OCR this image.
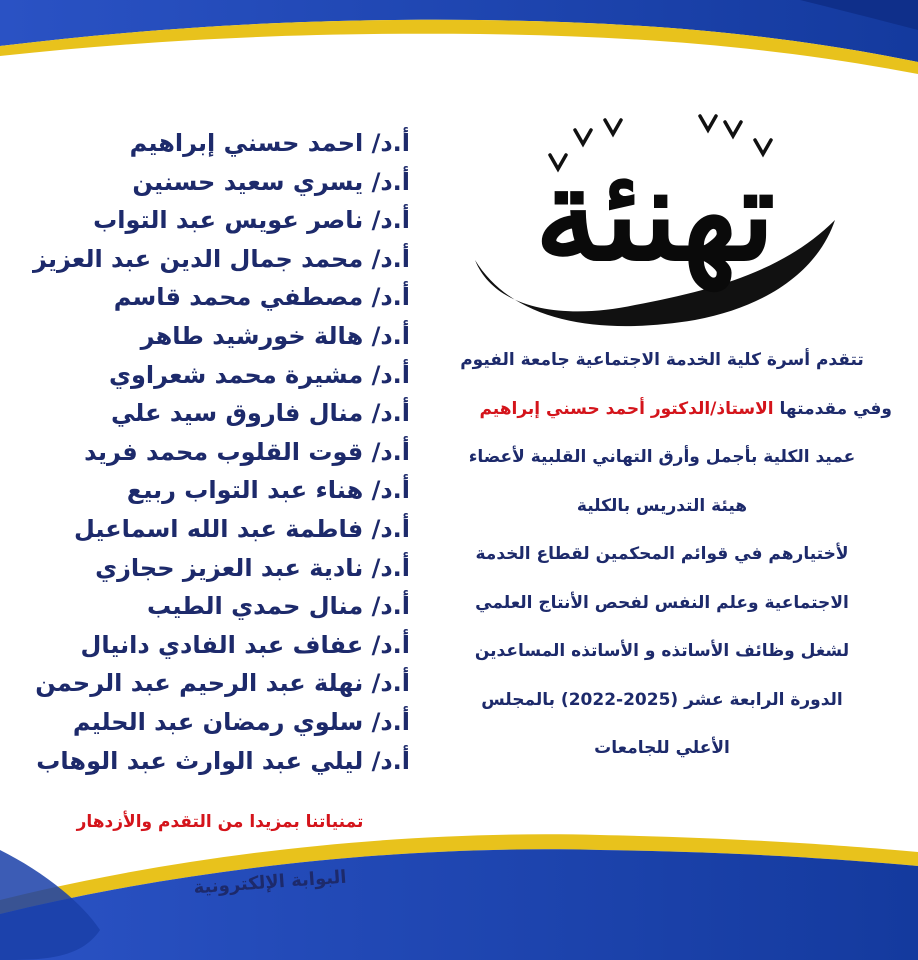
تهنئة
أ.د/ احمد حسني إبراهيم
أ.د/ يسري سعيد حسنين
أ.د/ ناصر عويس عبد التواب
أ.د/ محمد جمال الدين عبد العزيز
أ.د/ مصطفي محمد قاسم
أ.د/ هالة خورشيد طاهر
أ.د/ مشيرة محمد شعراوي
أ.د/ منال فاروق سيد علي
أ.د/ قوت القلوب محمد فريد
أ.د/ هناء عبد التواب ربيع
أ.د/ فاطمة عبد الله اسماعيل
أ.د/ نادية عبد العزيز حجازي
أ.د/ منال حمدي الطيب
أ.د/ عفاف عبد الفادي دانيال
أ.د/ نهلة عبد الرحيم عبد الرحمن
أ.د/ سلوي رمضان عبد الحليم
أ.د/ ليلي عبد الوارث عبد الوهاب
تمنياتنا بمزيدا من التقدم والأزدهار
البوابة الإلكترونية
تتقدم أسرة كلية الخدمة الاجتماعية جامعة الفيوم
وفي مقدمتها الاستاذ/الدكتور أحمد حسني إبراهيم
عميد الكلية بأجمل وأرق التهاني القلبية لأعضاء
هيئة التدريس بالكلية
لأختيارهم في قوائم المحكمين لقطاع الخدمة
الاجتماعية وعلم النفس لفحص الأنتاج العلمي
لشغل وظائف الأساتذه و الأساتذه المساعدين
الدورة الرابعة عشر (2025-2022) بالمجلس
الأعلي للجامعات
